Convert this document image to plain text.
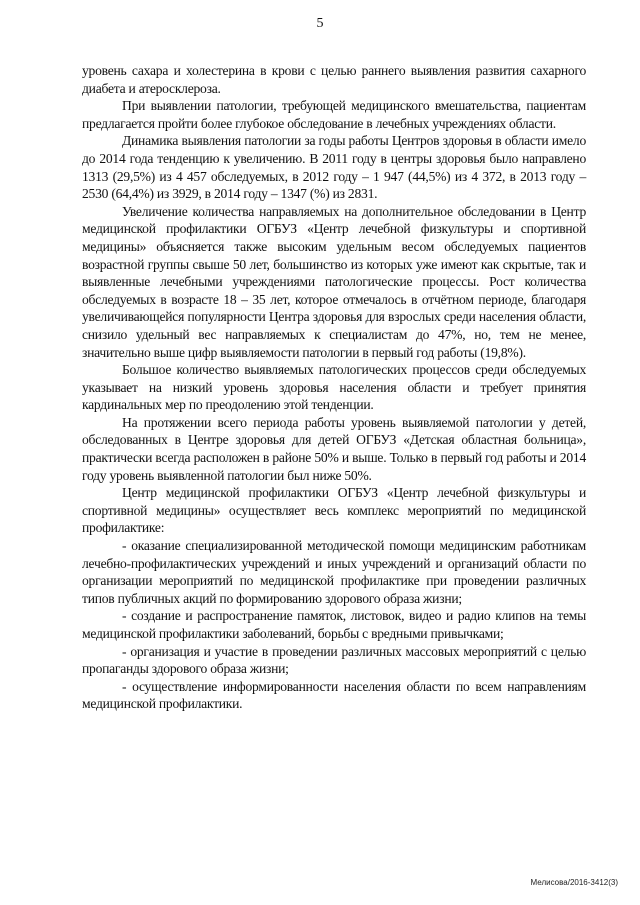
5

уровень сахара и холестерина в крови с целью раннего выявления развития сахарного диабета и атеросклероза.

При выявлении патологии, требующей медицинского вмешательства, пациентам предлагается пройти более глубокое обследование в лечебных учреждениях области.

Динамика выявления патологии за годы работы Центров здоровья в области имело до 2014 года тенденцию к увеличению. В 2011 году в центры здоровья было направлено 1313 (29,5%) из 4 457 обследуемых, в 2012 году – 1 947 (44,5%) из 4 372, в 2013 году – 2530 (64,4%) из 3929, в 2014 году – 1347 (%) из 2831.

Увеличение количества направляемых на дополнительное обследовании в Центр медицинской профилактики ОГБУЗ «Центр лечебной физкультуры и спортивной медицины» объясняется также высоким удельным весом обследуемых пациентов возрастной группы свыше 50 лет, большинство из которых уже имеют как скрытые, так и выявленные лечебными учреждениями патологические процессы. Рост количества обследуемых в возрасте 18 – 35 лет, которое отмечалось в отчётном периоде, благодаря увеличивающейся популярности Центра здоровья для взрослых среди населения области, снизило удельный вес направляемых к специалистам до 47%, но, тем не менее, значительно выше цифр выявляемости патологии в первый год работы (19,8%).

Большое количество выявляемых патологических процессов среди обследуемых указывает на низкий уровень здоровья населения области и требует принятия кардинальных мер по преодолению этой тенденции.

На протяжении всего периода работы уровень выявляемой патологии у детей, обследованных в Центре здоровья для детей ОГБУЗ «Детская областная больница», практически всегда расположен в районе 50% и выше. Только в первый год работы и 2014 году уровень выявленной патологии был ниже 50%.

Центр медицинской профилактики ОГБУЗ «Центр лечебной физкультуры и спортивной медицины» осуществляет весь комплекс мероприятий по медицинской профилактике:

- оказание специализированной методической помощи медицинским работникам лечебно-профилактических учреждений и иных учреждений и организаций области по организации мероприятий по медицинской профилактике при проведении различных типов публичных акций по формированию здорового образа жизни;

- создание и распространение памяток, листовок, видео и радио клипов на темы медицинской профилактики заболеваний, борьбы с вредными привычками;

- организация и участие в проведении различных массовых мероприятий с целью пропаганды здорового образа жизни;

- осуществление информированности населения области по всем направлениям медицинской профилактики.

Мелисова/2016-3412(3)
